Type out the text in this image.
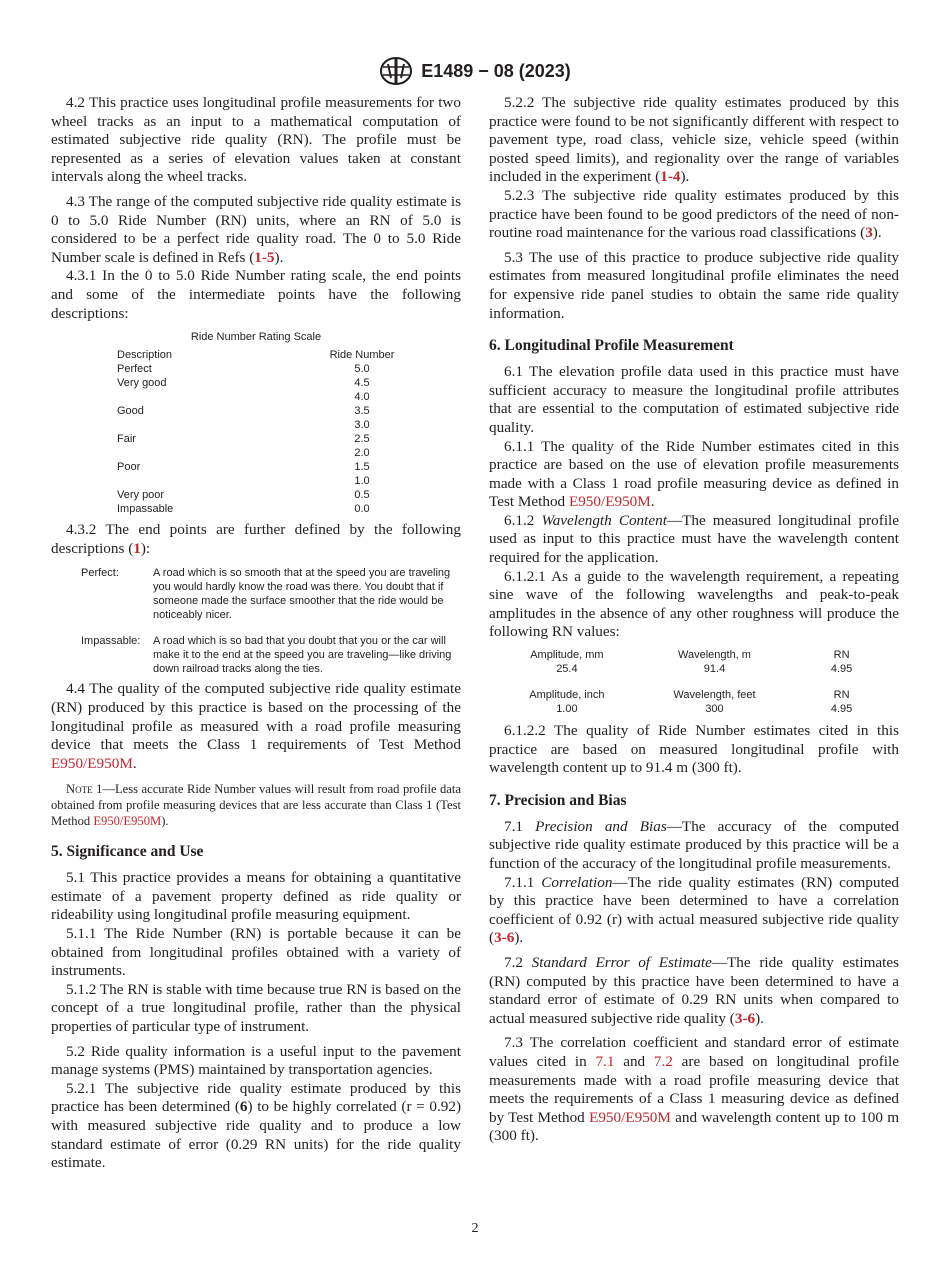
E1489 − 08 (2023)

4.2 This practice uses longitudinal profile measurements for two wheel tracks as an input to a mathematical computation of estimated subjective ride quality (RN). The profile must be represented as a series of elevation values taken at constant intervals along the wheel tracks.

4.3 The range of the computed subjective ride quality estimate is 0 to 5.0 Ride Number (RN) units, where an RN of 5.0 is considered to be a perfect ride quality road. The 0 to 5.0 Ride Number scale is defined in Refs (1-5).

4.3.1 In the 0 to 5.0 Ride Number rating scale, the end points and some of the intermediate points have the following descriptions:

Ride Number Rating Scale
Description	Ride Number
Perfect	5.0
Very good	4.5
	4.0
Good	3.5
	3.0
Fair	2.5
	2.0
Poor	1.5
	1.0
Very poor	0.5
Impassable	0.0

4.3.2 The end points are further defined by the following descriptions (1):

Perfect:	A road which is so smooth that at the speed you are traveling you would hardly know the road was there. You doubt that if someone made the surface smoother that the ride would be noticeably nicer.
Impassable:	A road which is so bad that you doubt that you or the car will make it to the end at the speed you are traveling—like driving down railroad tracks along the ties.

4.4 The quality of the computed subjective ride quality estimate (RN) produced by this practice is based on the processing of the longitudinal profile as measured with a road profile measuring device that meets the Class 1 requirements of Test Method E950/E950M.

Note 1—Less accurate Ride Number values will result from road profile data obtained from profile measuring devices that are less accurate than Class 1 (Test Method E950/E950M).
5. Significance and Use

5.1 This practice provides a means for obtaining a quantitative estimate of a pavement property defined as ride quality or rideability using longitudinal profile measuring equipment.

5.1.1 The Ride Number (RN) is portable because it can be obtained from longitudinal profiles obtained with a variety of instruments.

5.1.2 The RN is stable with time because true RN is based on the concept of a true longitudinal profile, rather than the physical properties of particular type of instrument.

5.2 Ride quality information is a useful input to the pavement manage systems (PMS) maintained by transportation agencies.

5.2.1 The subjective ride quality estimate produced by this practice has been determined (6) to be highly correlated (r = 0.92) with measured subjective ride quality and to produce a low standard estimate of error (0.29 RN units) for the ride quality estimate.

5.2.2 The subjective ride quality estimates produced by this practice were found to be not significantly different with respect to pavement type, road class, vehicle size, vehicle speed (within posted speed limits), and regionality over the range of variables included in the experiment (1-4).

5.2.3 The subjective ride quality estimates produced by this practice have been found to be good predictors of the need of non-routine road maintenance for the various road classifications (3).

5.3 The use of this practice to produce subjective ride quality estimates from measured longitudinal profile eliminates the need for expensive ride panel studies to obtain the same ride quality information.

6. Longitudinal Profile Measurement

6.1 The elevation profile data used in this practice must have sufficient accuracy to measure the longitudinal profile attributes that are essential to the computation of estimated subjective ride quality.

6.1.1 The quality of the Ride Number estimates cited in this practice are based on the use of elevation profile measurements made with a Class 1 road profile measuring device as defined in Test Method E950/E950M.

6.1.2 Wavelength Content—The measured longitudinal profile used as input to this practice must have the wavelength content required for the application.

6.1.2.1 As a guide to the wavelength requirement, a repeating sine wave of the following wavelengths and peak-to-peak amplitudes in the absence of any other roughness will produce the following RN values:

Amplitude, mm	Wavelength, m	RN
25.4	91.4	4.95

Amplitude, inch	Wavelength, feet	RN
1.00	300	4.95

6.1.2.2 The quality of Ride Number estimates cited in this practice are based on measured longitudinal profile with wavelength content up to 91.4 m (300 ft).

7. Precision and Bias

7.1 Precision and Bias—The accuracy of the computed subjective ride quality estimate produced by this practice will be a function of the accuracy of the longitudinal profile measurements.

7.1.1 Correlation—The ride quality estimates (RN) computed by this practice have been determined to have a correlation coefficient of 0.92 (r) with actual measured subjective ride quality (3-6).

7.2 Standard Error of Estimate—The ride quality estimates (RN) computed by this practice have been determined to have a standard error of estimate of 0.29 RN units when compared to actual measured subjective ride quality (3-6).

7.3 The correlation coefficient and standard error of estimate values cited in 7.1 and 7.2 are based on longitudinal profile measurements made with a road profile measuring device that meets the requirements of a Class 1 measuring device as defined by Test Method E950/E950M and wavelength content up to 100 m (300 ft).

2
